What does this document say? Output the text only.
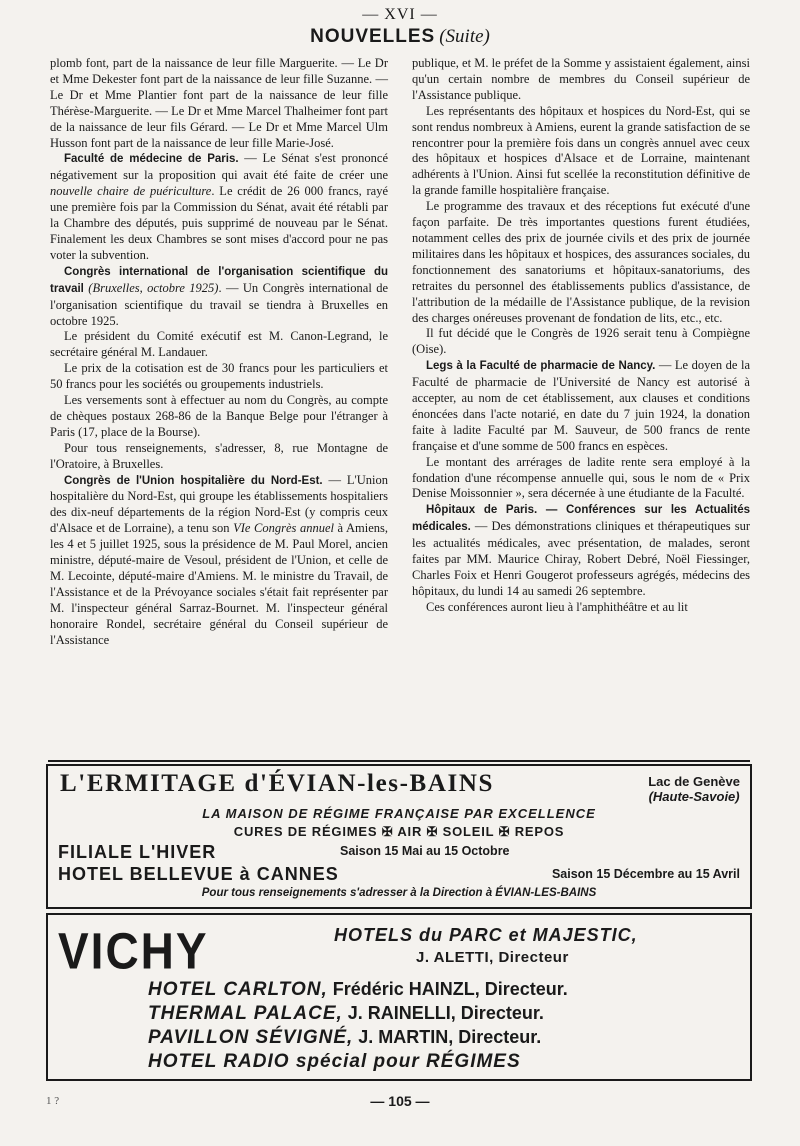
— XVI —
NOUVELLES (Suite)

plomb font, part de la naissance de leur fille Marguerite. — Le Dr et Mme Dekester font part de la naissance de leur fille Suzanne. — Le Dr et Mme Plantier font part de la naissance de leur fille Thérèse-Marguerite. — Le Dr et Mme Marcel Thalheimer font part de la naissance de leur fils Gérard. — Le Dr et Mme Marcel Ulm Husson font part de la naissance de leur fille Marie-José.

Faculté de médecine de Paris. — Le Sénat s'est prononcé négativement sur la proposition qui avait été faite de créer une nouvelle chaire de puériculture. Le crédit de 26 000 francs, rayé une première fois par la Commission du Sénat, avait été rétabli par la Chambre des députés, puis supprimé de nouveau par le Sénat. Finalement les deux Chambres se sont mises d'accord pour ne pas voter la subvention.

Congrès international de l'organisation scientifique du travail (Bruxelles, octobre 1925). — Un Congrès international de l'organisation scientifique du travail se tiendra à Bruxelles en octobre 1925.

Le président du Comité exécutif est M. Canon-Legrand, le secrétaire général M. Landauer.

Le prix de la cotisation est de 30 francs pour les particuliers et 50 francs pour les sociétés ou groupements industriels.

Les versements sont à effectuer au nom du Congrès, au compte de chèques postaux 268-86 de la Banque Belge pour l'étranger à Paris (17, place de la Bourse).

Pour tous renseignements, s'adresser, 8, rue Montagne de l'Oratoire, à Bruxelles.

Congrès de l'Union hospitalière du Nord-Est. — L'Union hospitalière du Nord-Est, qui groupe les établissements hospitaliers des dix-neuf départements de la région Nord-Est (y compris ceux d'Alsace et de Lorraine), a tenu son VIe Congrès annuel à Amiens, les 4 et 5 juillet 1925, sous la présidence de M. Paul Morel, ancien ministre, député-maire de Vesoul, président de l'Union, et celle de M. Lecointe, député-maire d'Amiens. M. le ministre du Travail, de l'Assistance et de la Prévoyance sociales s'était fait représenter par M. l'inspecteur général Sarraz-Bournet. M. l'inspecteur général honoraire Rondel, secrétaire général du Conseil supérieur de l'Assistance

publique, et M. le préfet de la Somme y assistaient également, ainsi qu'un certain nombre de membres du Conseil supérieur de l'Assistance publique.

Les représentants des hôpitaux et hospices du Nord-Est, qui se sont rendus nombreux à Amiens, eurent la grande satisfaction de se rencontrer pour la première fois dans un congrès annuel avec ceux des hôpitaux et hospices d'Alsace et de Lorraine, maintenant adhérents à l'Union. Ainsi fut scellée la reconstitution définitive de la grande famille hospitalière française.

Le programme des travaux et des réceptions fut exécuté d'une façon parfaite. De très importantes questions furent étudiées, notamment celles des prix de journée civils et des prix de journée militaires dans les hôpitaux et hospices, des assurances sociales, du fonctionnement des sanatoriums et hôpitaux-sanatoriums, des retraites du personnel des établissements publics d'assistance, de l'attribution de la médaille de l'Assistance publique, de la revision des charges onéreuses provenant de fondation de lits, etc., etc.

Il fut décidé que le Congrès de 1926 serait tenu à Compiègne (Oise).

Legs à la Faculté de pharmacie de Nancy. — Le doyen de la Faculté de pharmacie de l'Université de Nancy est autorisé à accepter, au nom de cet établissement, aux clauses et conditions énoncées dans l'acte notarié, en date du 7 juin 1924, la donation faite à ladite Faculté par M. Sauveur, de 500 francs de rente française et d'une somme de 500 francs en espèces.

Le montant des arrérages de ladite rente sera employé à la fondation d'une récompense annuelle qui, sous le nom de « Prix Denise Moissonnier », sera décernée à une étudiante de la Faculté.

Hôpitaux de Paris. — Conférences sur les Actualités médicales. — Des démonstrations cliniques et thérapeutiques sur les actualités médicales, avec présentation, de malades, seront faites par MM. Maurice Chiray, Robert Debré, Noël Fiessinger, Charles Foix et Henri Gougerot professeurs agrégés, médecins des hôpitaux, du lundi 14 au samedi 26 septembre.

Ces conférences auront lieu à l'amphithéâtre et au lit

L'ERMITAGE d'ÉVIAN-les-BAINS	Lac de Genève
(Haute-Savoie)
LA MAISON DE RÉGIME FRANÇAISE PAR EXCELLENCE
CURES DE RÉGIMES ✠ AIR ✠ SOLEIL ✠ REPOS
FILIALE L'HIVER	Saison 15 Mai au 15 Octobre
HOTEL BELLEVUE à CANNES	Saison 15 Décembre au 15 Avril
Pour tous renseignements s'adresser à la Direction à ÉVIAN-LES-BAINS
VICHY	HOTELS du PARC et MAJESTIC,
J. ALETTI, Directeur
HOTEL CARLTON, Frédéric HAINZL, Directeur.
THERMAL PALACE, J. RAINELLI, Directeur.
PAVILLON SÉVIGNÉ, J. MARTIN, Directeur.
HOTEL RADIO spécial pour RÉGIMES
1 ?	— 105 —
